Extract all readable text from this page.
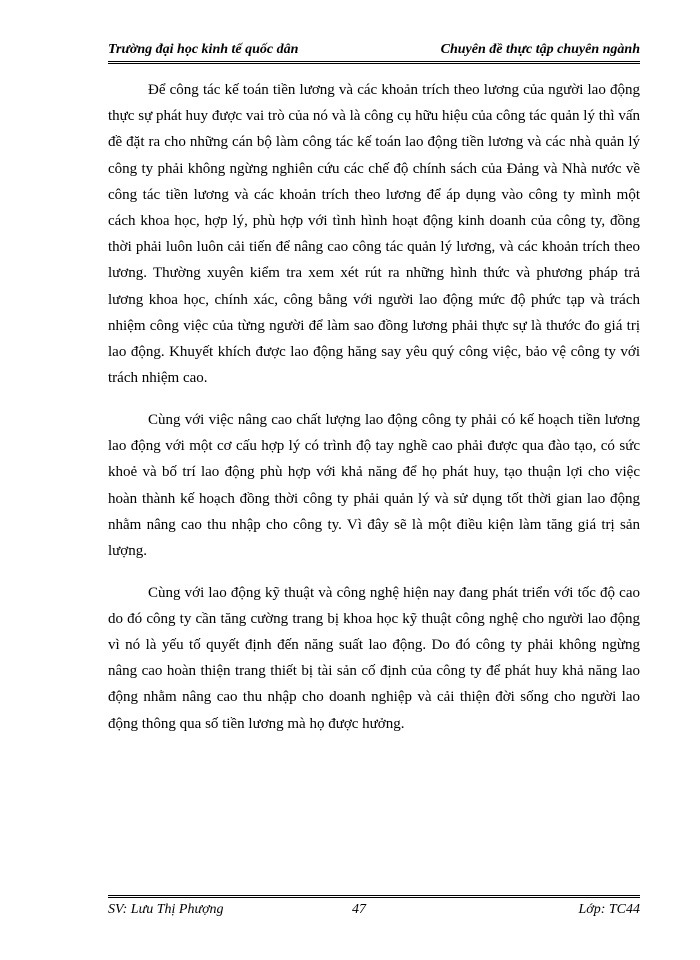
Trường đại học kinh tế quốc dân	Chuyên đề thực tập chuyên ngành

Để công tác kế toán tiền lương và các khoản trích theo lương của người lao động thực sự phát huy được vai trò của nó và là công cụ hữu hiệu của công tác quản lý thì vấn đề đặt ra cho những cán bộ làm công tác kế toán lao động tiền lương và các nhà quản lý công ty phải không ngừng nghiên cứu các chế độ chính sách của Đảng và Nhà nước về công tác tiền lương và các khoản trích theo lương để áp dụng vào công ty mình một cách khoa học, hợp lý, phù hợp với tình hình hoạt động kinh doanh của công ty, đồng thời phải luôn luôn cải tiến để nâng cao công tác quản lý lương, và các khoản trích theo lương. Thường xuyên kiểm tra xem xét rút ra những hình thức và phương pháp trả lương khoa học, chính xác, công bằng với người lao động mức độ phức tạp và trách nhiệm công việc của từng người để làm sao đồng lương phải thực sự là thước đo giá trị lao động. Khuyết khích được lao động hăng say yêu quý công việc, bảo vệ công ty với trách nhiệm cao.

Cùng với việc nâng cao chất lượng lao động công ty phải có kế hoạch tiền lương lao động với một cơ cấu hợp lý có trình độ tay nghề cao phải được qua đào tạo, có sức khoẻ và bố trí lao động phù hợp với khả năng để họ phát huy, tạo thuận lợi cho việc hoàn thành kế hoạch đồng thời công ty phải quản lý và sử dụng tốt thời gian lao động nhằm nâng cao thu nhập cho công ty. Vì đây sẽ là một điều kiện làm tăng giá trị sản lượng.

Cùng với lao động kỹ thuật và công nghệ hiện nay đang phát triển với tốc độ cao do đó công ty cần tăng cường trang bị khoa học kỹ thuật công nghệ cho người lao động vì nó là yếu tố quyết định đến năng suất lao động. Do đó công ty phải không ngừng nâng cao hoàn thiện trang thiết bị tài sản cố định của công ty để phát huy khả năng lao động nhằm nâng cao thu nhập cho doanh nghiệp và cải thiện đời sống cho người lao động thông qua số tiền lương mà họ được hưởng.

SV: Lưu Thị Phượng	47	Lớp: TC44
